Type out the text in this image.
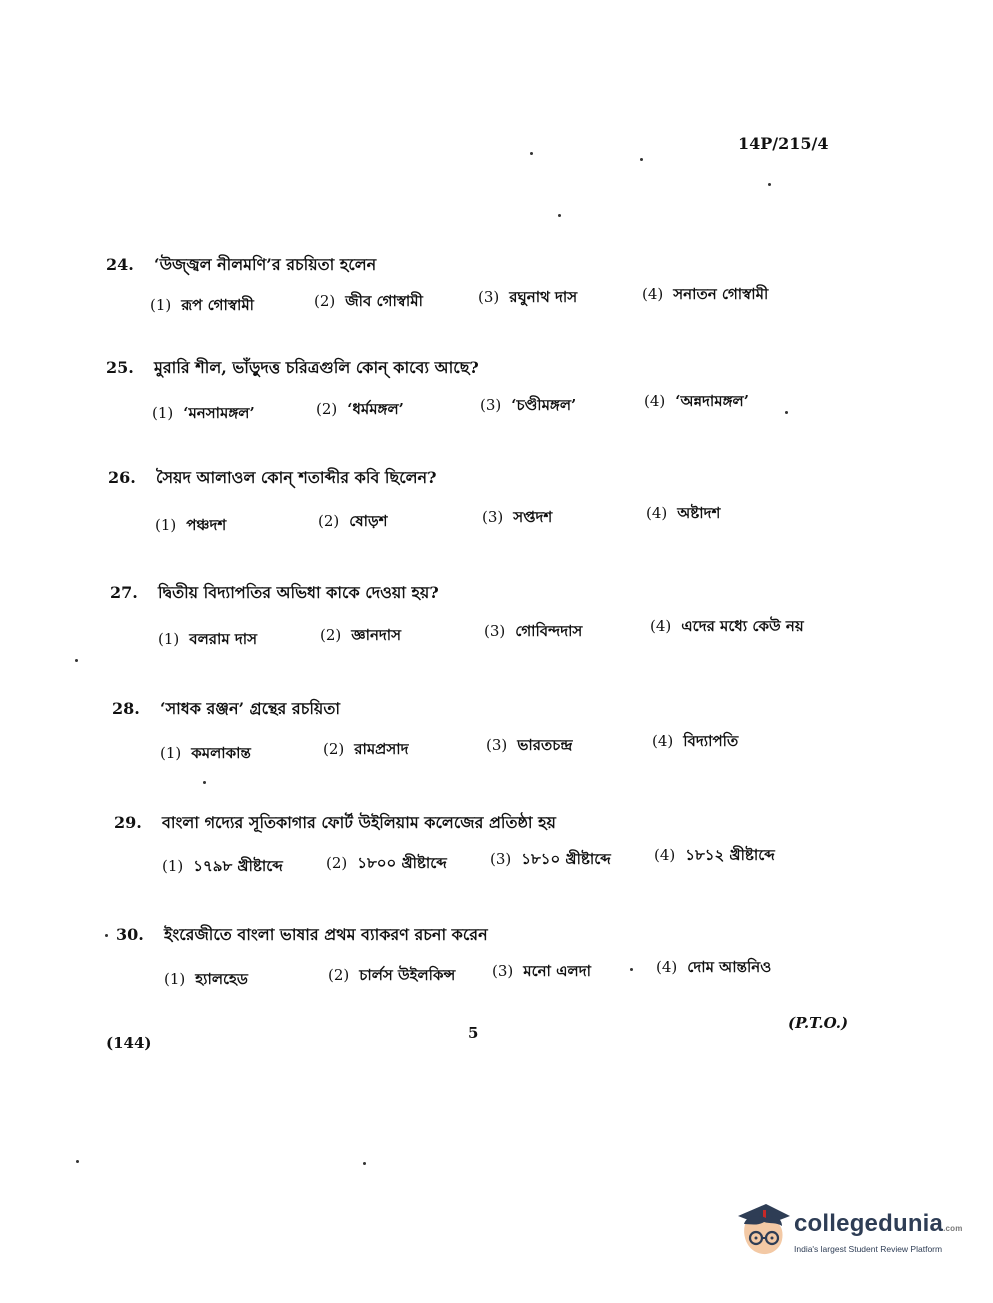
14P/215/4
24. ‘উজ্জ্বল নীলমণি’র রচয়িতা হলেন
(1) রূপ গোস্বামী	(2) জীব গোস্বামী	(3) রঘুনাথ দাস	(4) সনাতন গোস্বামী
25. মুরারি শীল, ভাঁড়ুদত্ত চরিত্রগুলি কোন্ কাব্যে আছে?
(1) ‘মনসামঙ্গল’	(2) ‘ধর্মমঙ্গল’	(3) ‘চণ্ডীমঙ্গল’	(4) ‘অন্নদামঙ্গল’
26. সৈয়দ আলাওল কোন্ শতাব্দীর কবি ছিলেন?
(1) পঞ্চদশ	(2) ষোড়শ	(3) সপ্তদশ	(4) অষ্টাদশ
27. দ্বিতীয় বিদ্যাপতির অভিধা কাকে দেওয়া হয়?
(1) বলরাম দাস	(2) জ্ঞানদাস	(3) গোবিন্দদাস	(4) এদের মধ্যে কেউ নয়
28. ‘সাধক রঞ্জন’ গ্রন্থের রচয়িতা
(1) কমলাকান্ত	(2) রামপ্রসাদ	(3) ভারতচন্দ্র	(4) বিদ্যাপতি
29. বাংলা গদ্যের সূতিকাগার ফোর্ট উইলিয়াম কলেজের প্রতিষ্ঠা হয়
(1) ১৭৯৮ খ্রীষ্টাব্দে	(2) ১৮০০ খ্রীষ্টাব্দে	(3) ১৮১০ খ্রীষ্টাব্দে	(4) ১৮১২ খ্রীষ্টাব্দে
30. ইংরেজীতে বাংলা ভাষার প্রথম ব্যাকরণ রচনা করেন
(1) হ্যালহেড	(2) চার্লস উইলকিন্স (3) মনো এলদা	(4) দোম আন্তনিও
(144)
5
(P.T.O.)
collegedunia.com
India's largest Student Review Platform
